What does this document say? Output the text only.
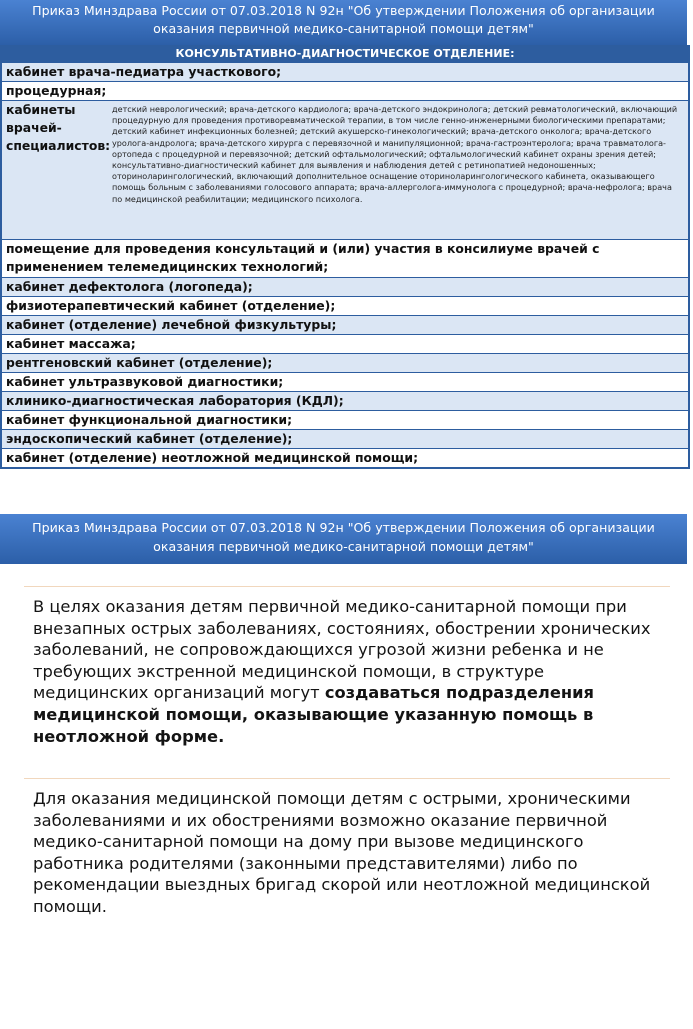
Приказ Минздрава России от 07.03.2018 N 92н "Об утверждении Положения об организации оказания первичной медико-санитарной помощи детям"
КОНСУЛЬТАТИВНО-ДИАГНОСТИЧЕСКОЕ ОТДЕЛЕНИЕ:
кабинет врача-педиатра участкового;
процедурная;
кабинеты врачей-специалистов:
детский неврологический; врача-детского кардиолога; врача-детского эндокринолога; детский ревматологический, включающий процедурную для проведения противоревматической терапии, в том числе генно-инженерными биологическими препаратами; детский кабинет инфекционных болезней; детский акушерско-гинекологический; врача-детского онколога; врача-детского уролога-андролога; врача-детского хирурга с перевязочной и манипуляционной; врача-гастроэнтеролога; врача травматолога-ортопеда с процедурной и перевязочной; детский офтальмологический; офтальмологический кабинет охраны зрения детей; консультативно-диагностический кабинет для выявления и наблюдения детей с ретинопатией недоношенных; оториноларингологический, включающий дополнительное оснащение оториноларингологического кабинета, оказывающего помощь больным с заболеваниями голосового аппарата; врача-аллерголога-иммунолога с процедурной; врача-нефролога; врача по медицинской реабилитации; медицинского психолога.
помещение для проведения консультаций и (или) участия в консилиуме врачей с применением телемедицинских технологий;
кабинет дефектолога (логопеда);
физиотерапевтический кабинет (отделение);
кабинет (отделение) лечебной физкультуры;
кабинет массажа;
рентгеновский кабинет (отделение);
кабинет ультразвуковой диагностики;
клинико-диагностическая лаборатория (КДЛ);
кабинет функциональной диагностики;
эндоскопический кабинет (отделение);
кабинет (отделение) неотложной медицинской помощи;
Приказ Минздрава России от 07.03.2018 N 92н "Об утверждении Положения об организации оказания первичной медико-санитарной помощи детям"
В целях оказания детям первичной медико-санитарной помощи при внезапных острых заболеваниях, состояниях, обострении хронических заболеваний, не сопровождающихся угрозой жизни ребенка и не требующих экстренной медицинской помощи, в структуре медицинских организаций могут создаваться подразделения медицинской помощи, оказывающие указанную помощь в неотложной форме.
Для оказания медицинской помощи детям с острыми, хроническими заболеваниями и их обострениями возможно оказание первичной медико-санитарной помощи на дому при вызове медицинского работника родителями (законными представителями) либо по рекомендации выездных бригад скорой или неотложной медицинской помощи.
